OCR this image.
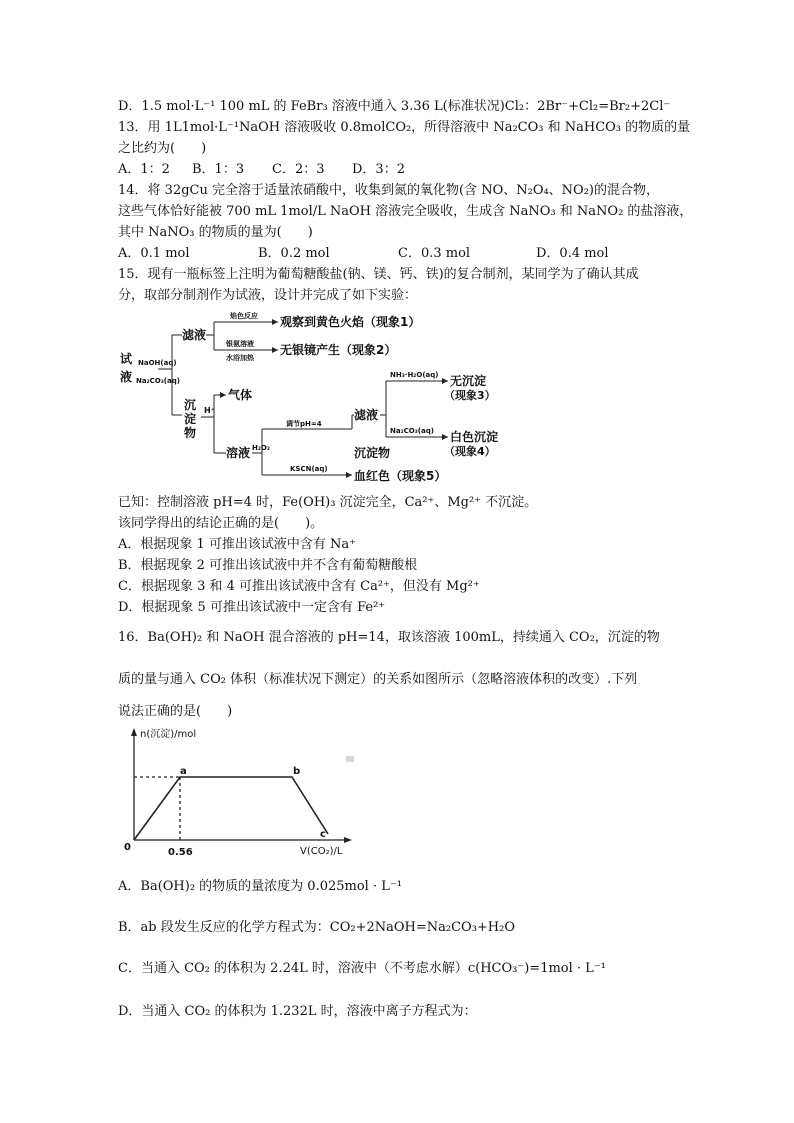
D．1.5 mol·L⁻¹ 100 mL 的 FeBr₃ 溶液中通入 3.36 L(标准状况)Cl₂：2Br⁻+Cl₂=Br₂+2Cl⁻
13．用 1L1mol·L⁻¹NaOH 溶液吸收 0.8molCO₂，所得溶液中 Na₂CO₃ 和 NaHCO₃ 的物质的量
之比约为(　　)
A．1：2 B．1：3 C．2：3 D．3：2
14．将 32gCu 完全溶于适量浓硝酸中，收集到氮的氧化物(含 NO、N₂O₄、NO₂)的混合物，
这些气体恰好能被 700 mL 1mol/L NaOH 溶液完全吸收，生成含 NaNO₃ 和 NaNO₂ 的盐溶液，
其中 NaNO₃ 的物质的量为(　　)
A．0.1 mol	B．0.2 mol	C．0.3 mol	D．0.4 mol
15．现有一瓶标签上注明为葡萄糖酸盐(钠、镁、钙、铁)的复合制剂，某同学为了确认其成
分，取部分制剂作为试液，设计并完成了如下实验：
试
液
NaOH(aq)
Na₂CO₃(aq)
滤液
焰色反应 观察到黄色火焰（现象1）
银氨溶液
水浴加热
无银镜产生（现象2）
沉
淀
物
H⁺
气体
溶液 H₂O₂
调节pH=4
滤液
NH₃·H₂O(aq) 无沉淀
（现象3）
Na₂CO₃(aq) 白色沉淀
（现象4）
沉淀物
KSCN(aq) 血红色（现象5）
已知：控制溶液 pH=4 时，Fe(OH)₃ 沉淀完全，Ca²⁺、Mg²⁺ 不沉淀。
该同学得出的结论正确的是(　　)。
A．根据现象 1 可推出该试液中含有 Na⁺
B．根据现象 2 可推出该试液中并不含有葡萄糖酸根
C．根据现象 3 和 4 可推出该试液中含有 Ca²⁺，但没有 Mg²⁺
D．根据现象 5 可推出该试液中一定含有 Fe²⁺
16．Ba(OH)₂ 和 NaOH 混合溶液的 pH=14，取该溶液 100mL，持续通入 CO₂，沉淀的物
质的量与通入 CO₂ 体积（标准状况下测定）的关系如图所示（忽略溶液体积的改变）.下列
说法正确的是(　　)
n(沉淀)/mol
V(CO₂)/L
0	0.56
a	b
c
A．Ba(OH)₂ 的物质的量浓度为 0.025mol · L⁻¹
B．ab 段发生反应的化学方程式为：CO₂+2NaOH=Na₂CO₃+H₂O
C．当通入 CO₂ 的体积为 2.24L 时，溶液中（不考虑水解）c(HCO₃⁻)=1mol · L⁻¹
D．当通入 CO₂ 的体积为 1.232L 时，溶液中离子方程式为：
